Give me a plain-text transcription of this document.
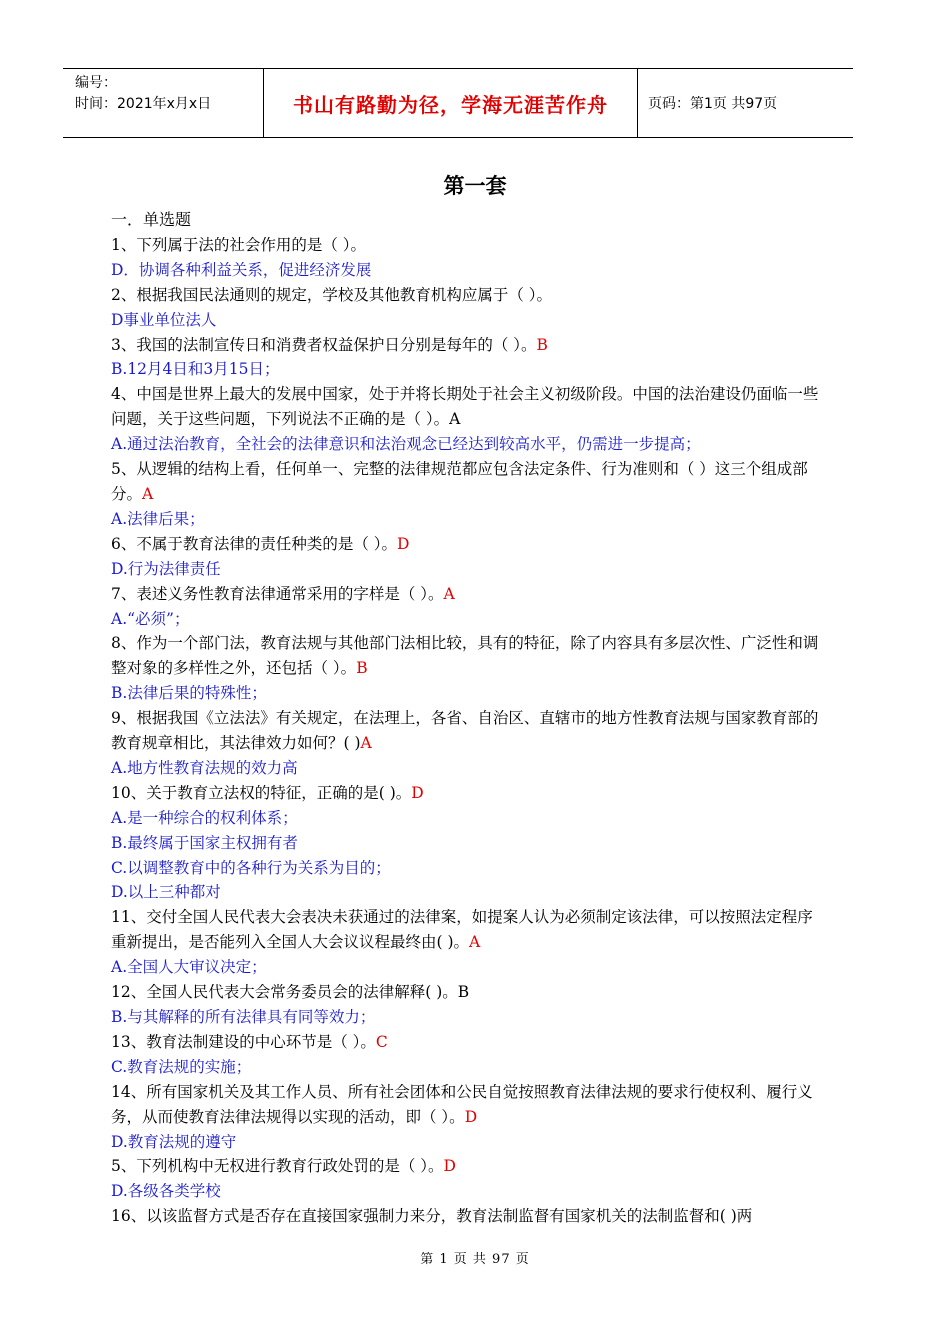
编号：
时间：2021年x月x日	书山有路勤为径，学海无涯苦作舟	页码：第1页 共97页
第一套
一．单选题
1、下列属于法的社会作用的是（ ）。
D．协调各种利益关系，促进经济发展
2、根据我国民法通则的规定，学校及其他教育机构应属于（ ）。
D事业单位法人
3、我国的法制宣传日和消费者权益保护日分别是每年的（ ）。B
B.12月4日和3月15日；
4、中国是世界上最大的发展中国家，处于并将长期处于社会主义初级阶段。中国的法治建设仍面临一些问题，关于这些问题，下列说法不正确的是（ ）。A
A.通过法治教育，全社会的法律意识和法治观念已经达到较高水平，仍需进一步提高；
5、从逻辑的结构上看，任何单一、完整的法律规范都应包含法定条件、行为准则和（ ）这三个组成部分。A
A.法律后果；
6、不属于教育法律的责任种类的是（ ）。D
D.行为法律责任
7、表述义务性教育法律通常采用的字样是（ ）。A
A.“必须”；
8、作为一个部门法，教育法规与其他部门法相比较，具有的特征，除了内容具有多层次性、广泛性和调整对象的多样性之外，还包括（ ）。B
B.法律后果的特殊性；
9、根据我国《立法法》有关规定，在法理上，各省、自治区、直辖市的地方性教育法规与国家教育部的教育规章相比，其法律效力如何？( )A
A.地方性教育法规的效力高
10、关于教育立法权的特征，正确的是( )。D
A.是一种综合的权利体系；
B.最终属于国家主权拥有者
C.以调整教育中的各种行为关系为目的；
D.以上三种都对
11、交付全国人民代表大会表决未获通过的法律案，如提案人认为必须制定该法律，可以按照法定程序重新提出，是否能列入全国人大会议议程最终由( )。A
A.全国人大审议决定；
12、全国人民代表大会常务委员会的法律解释( )。B
B.与其解释的所有法律具有同等效力；
13、教育法制建设的中心环节是（ ）。C
C.教育法规的实施；
14、所有国家机关及其工作人员、所有社会团体和公民自觉按照教育法律法规的要求行使权利、履行义务，从而使教育法律法规得以实现的活动，即（ ）。D
D.教育法规的遵守
5、下列机构中无权进行教育行政处罚的是（ ）。D
D.各级各类学校
16、以该监督方式是否存在直接国家强制力来分，教育法制监督有国家机关的法制监督和( )两
第 1 页 共 97 页
